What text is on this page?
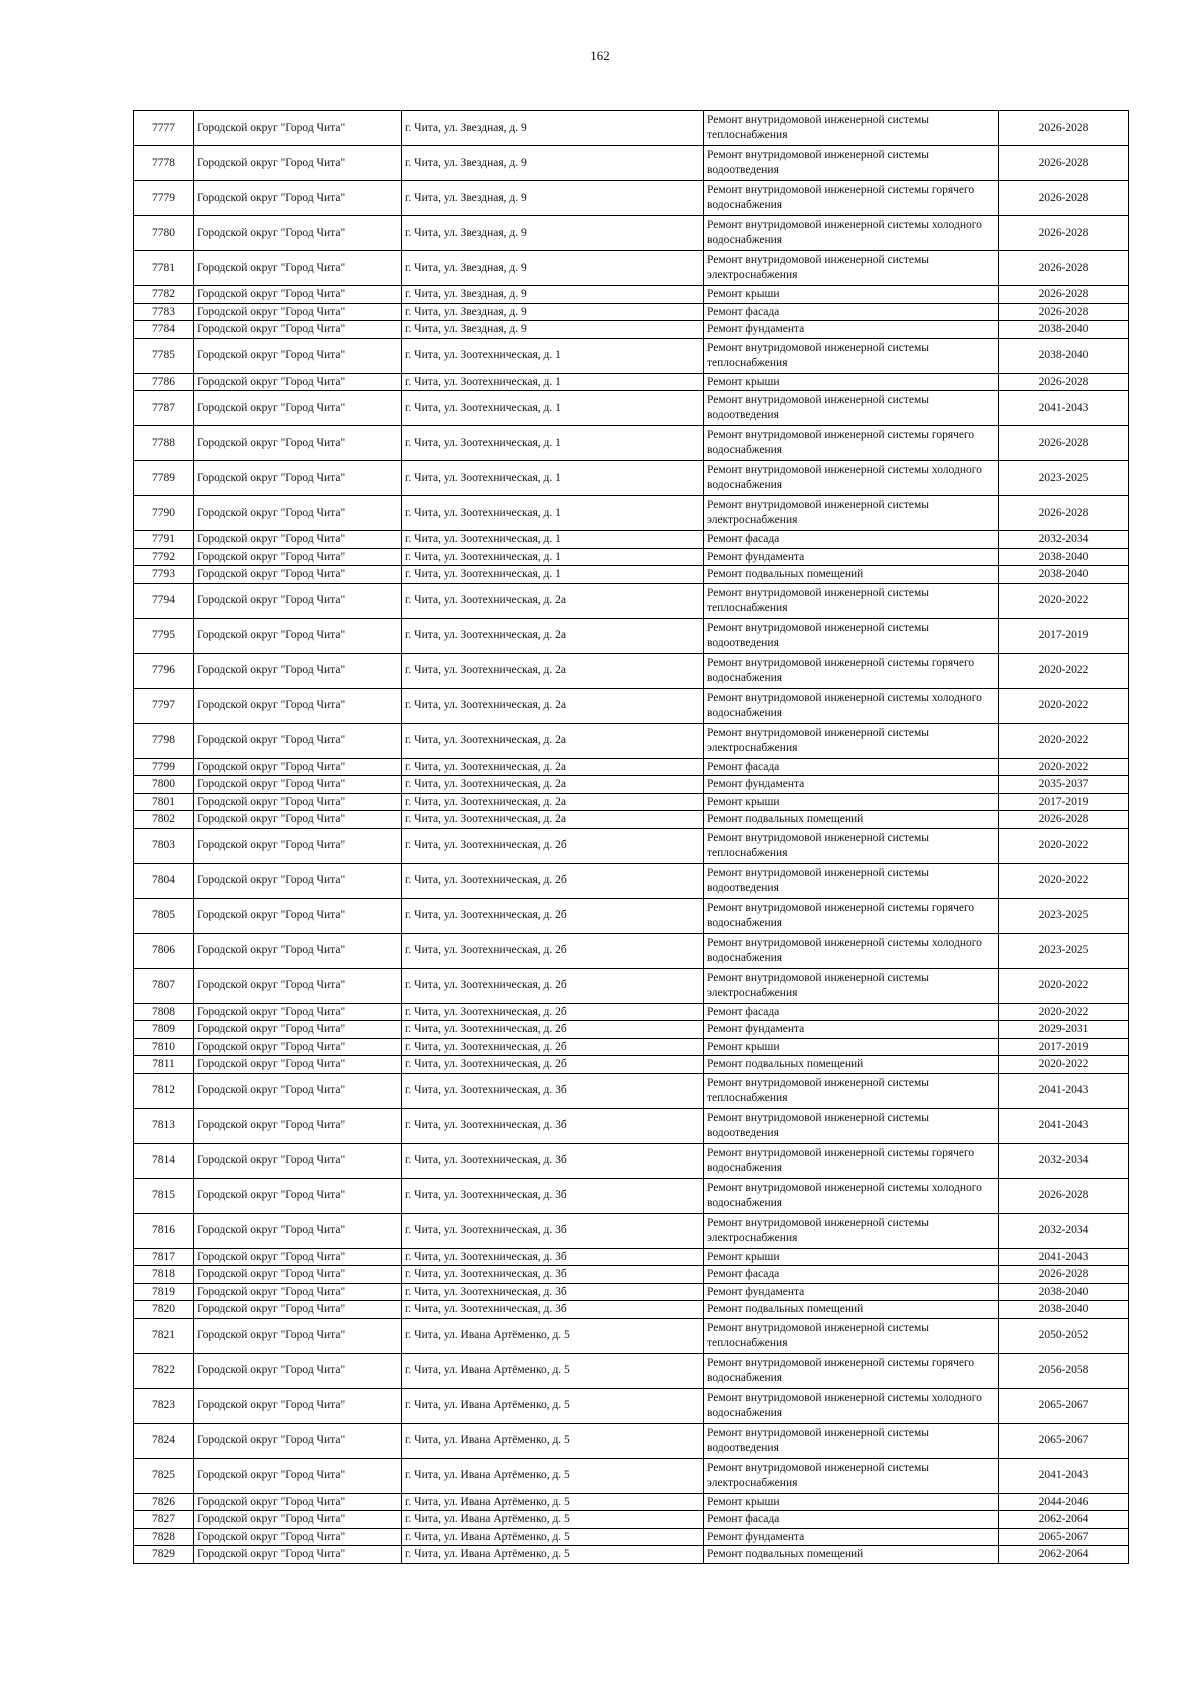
162
7777	Городской округ "Город Чита"	г. Чита, ул. Звездная, д. 9	Ремонт внутридомовой инженерной системы теплоснабжения	2026-2028
7778	Городской округ "Город Чита"	г. Чита, ул. Звездная, д. 9	Ремонт внутридомовой инженерной системы водоотведения	2026-2028
7779	Городской округ "Город Чита"	г. Чита, ул. Звездная, д. 9	Ремонт внутридомовой инженерной системы горячего водоснабжения	2026-2028
7780	Городской округ "Город Чита"	г. Чита, ул. Звездная, д. 9	Ремонт внутридомовой инженерной системы холодного водоснабжения	2026-2028
7781	Городской округ "Город Чита"	г. Чита, ул. Звездная, д. 9	Ремонт внутридомовой инженерной системы электроснабжения	2026-2028
7782	Городской округ "Город Чита"	г. Чита, ул. Звездная, д. 9	Ремонт крыши	2026-2028
7783	Городской округ "Город Чита"	г. Чита, ул. Звездная, д. 9	Ремонт фасада	2026-2028
7784	Городской округ "Город Чита"	г. Чита, ул. Звездная, д. 9	Ремонт фундамента	2038-2040
7785	Городской округ "Город Чита"	г. Чита, ул. Зоотехническая, д. 1	Ремонт внутридомовой инженерной системы теплоснабжения	2038-2040
7786	Городской округ "Город Чита"	г. Чита, ул. Зоотехническая, д. 1	Ремонт крыши	2026-2028
7787	Городской округ "Город Чита"	г. Чита, ул. Зоотехническая, д. 1	Ремонт внутридомовой инженерной системы водоотведения	2041-2043
7788	Городской округ "Город Чита"	г. Чита, ул. Зоотехническая, д. 1	Ремонт внутридомовой инженерной системы горячего водоснабжения	2026-2028
7789	Городской округ "Город Чита"	г. Чита, ул. Зоотехническая, д. 1	Ремонт внутридомовой инженерной системы холодного водоснабжения	2023-2025
7790	Городской округ "Город Чита"	г. Чита, ул. Зоотехническая, д. 1	Ремонт внутридомовой инженерной системы электроснабжения	2026-2028
7791	Городской округ "Город Чита"	г. Чита, ул. Зоотехническая, д. 1	Ремонт фасада	2032-2034
7792	Городской округ "Город Чита"	г. Чита, ул. Зоотехническая, д. 1	Ремонт фундамента	2038-2040
7793	Городской округ "Город Чита"	г. Чита, ул. Зоотехническая, д. 1	Ремонт подвальных помещений	2038-2040
7794	Городской округ "Город Чита"	г. Чита, ул. Зоотехническая, д. 2а	Ремонт внутридомовой инженерной системы теплоснабжения	2020-2022
7795	Городской округ "Город Чита"	г. Чита, ул. Зоотехническая, д. 2а	Ремонт внутридомовой инженерной системы водоотведения	2017-2019
7796	Городской округ "Город Чита"	г. Чита, ул. Зоотехническая, д. 2а	Ремонт внутридомовой инженерной системы горячего водоснабжения	2020-2022
7797	Городской округ "Город Чита"	г. Чита, ул. Зоотехническая, д. 2а	Ремонт внутридомовой инженерной системы холодного водоснабжения	2020-2022
7798	Городской округ "Город Чита"	г. Чита, ул. Зоотехническая, д. 2а	Ремонт внутридомовой инженерной системы электроснабжения	2020-2022
7799	Городской округ "Город Чита"	г. Чита, ул. Зоотехническая, д. 2а	Ремонт фасада	2020-2022
7800	Городской округ "Город Чита"	г. Чита, ул. Зоотехническая, д. 2а	Ремонт фундамента	2035-2037
7801	Городской округ "Город Чита"	г. Чита, ул. Зоотехническая, д. 2а	Ремонт крыши	2017-2019
7802	Городской округ "Город Чита"	г. Чита, ул. Зоотехническая, д. 2а	Ремонт подвальных помещений	2026-2028
7803	Городской округ "Город Чита"	г. Чита, ул. Зоотехническая, д. 2б	Ремонт внутридомовой инженерной системы теплоснабжения	2020-2022
7804	Городской округ "Город Чита"	г. Чита, ул. Зоотехническая, д. 2б	Ремонт внутридомовой инженерной системы водоотведения	2020-2022
7805	Городской округ "Город Чита"	г. Чита, ул. Зоотехническая, д. 2б	Ремонт внутридомовой инженерной системы горячего водоснабжения	2023-2025
7806	Городской округ "Город Чита"	г. Чита, ул. Зоотехническая, д. 2б	Ремонт внутридомовой инженерной системы холодного водоснабжения	2023-2025
7807	Городской округ "Город Чита"	г. Чита, ул. Зоотехническая, д. 2б	Ремонт внутридомовой инженерной системы электроснабжения	2020-2022
7808	Городской округ "Город Чита"	г. Чита, ул. Зоотехническая, д. 2б	Ремонт фасада	2020-2022
7809	Городской округ "Город Чита"	г. Чита, ул. Зоотехническая, д. 2б	Ремонт фундамента	2029-2031
7810	Городской округ "Город Чита"	г. Чита, ул. Зоотехническая, д. 2б	Ремонт крыши	2017-2019
7811	Городской округ "Город Чита"	г. Чита, ул. Зоотехническая, д. 2б	Ремонт подвальных помещений	2020-2022
7812	Городской округ "Город Чита"	г. Чита, ул. Зоотехническая, д. 3б	Ремонт внутридомовой инженерной системы теплоснабжения	2041-2043
7813	Городской округ "Город Чита"	г. Чита, ул. Зоотехническая, д. 3б	Ремонт внутридомовой инженерной системы водоотведения	2041-2043
7814	Городской округ "Город Чита"	г. Чита, ул. Зоотехническая, д. 3б	Ремонт внутридомовой инженерной системы горячего водоснабжения	2032-2034
7815	Городской округ "Город Чита"	г. Чита, ул. Зоотехническая, д. 3б	Ремонт внутридомовой инженерной системы холодного водоснабжения	2026-2028
7816	Городской округ "Город Чита"	г. Чита, ул. Зоотехническая, д. 3б	Ремонт внутридомовой инженерной системы электроснабжения	2032-2034
7817	Городской округ "Город Чита"	г. Чита, ул. Зоотехническая, д. 3б	Ремонт крыши	2041-2043
7818	Городской округ "Город Чита"	г. Чита, ул. Зоотехническая, д. 3б	Ремонт фасада	2026-2028
7819	Городской округ "Город Чита"	г. Чита, ул. Зоотехническая, д. 3б	Ремонт фундамента	2038-2040
7820	Городской округ "Город Чита"	г. Чита, ул. Зоотехническая, д. 3б	Ремонт подвальных помещений	2038-2040
7821	Городской округ "Город Чита"	г. Чита, ул. Ивана Артёменко, д. 5	Ремонт внутридомовой инженерной системы теплоснабжения	2050-2052
7822	Городской округ "Город Чита"	г. Чита, ул. Ивана Артёменко, д. 5	Ремонт внутридомовой инженерной системы горячего водоснабжения	2056-2058
7823	Городской округ "Город Чита"	г. Чита, ул. Ивана Артёменко, д. 5	Ремонт внутридомовой инженерной системы холодного водоснабжения	2065-2067
7824	Городской округ "Город Чита"	г. Чита, ул. Ивана Артёменко, д. 5	Ремонт внутридомовой инженерной системы водоотведения	2065-2067
7825	Городской округ "Город Чита"	г. Чита, ул. Ивана Артёменко, д. 5	Ремонт внутридомовой инженерной системы электроснабжения	2041-2043
7826	Городской округ "Город Чита"	г. Чита, ул. Ивана Артёменко, д. 5	Ремонт крыши	2044-2046
7827	Городской округ "Город Чита"	г. Чита, ул. Ивана Артёменко, д. 5	Ремонт фасада	2062-2064
7828	Городской округ "Город Чита"	г. Чита, ул. Ивана Артёменко, д. 5	Ремонт фундамента	2065-2067
7829	Городской округ "Город Чита"	г. Чита, ул. Ивана Артёменко, д. 5	Ремонт подвальных помещений	2062-2064
